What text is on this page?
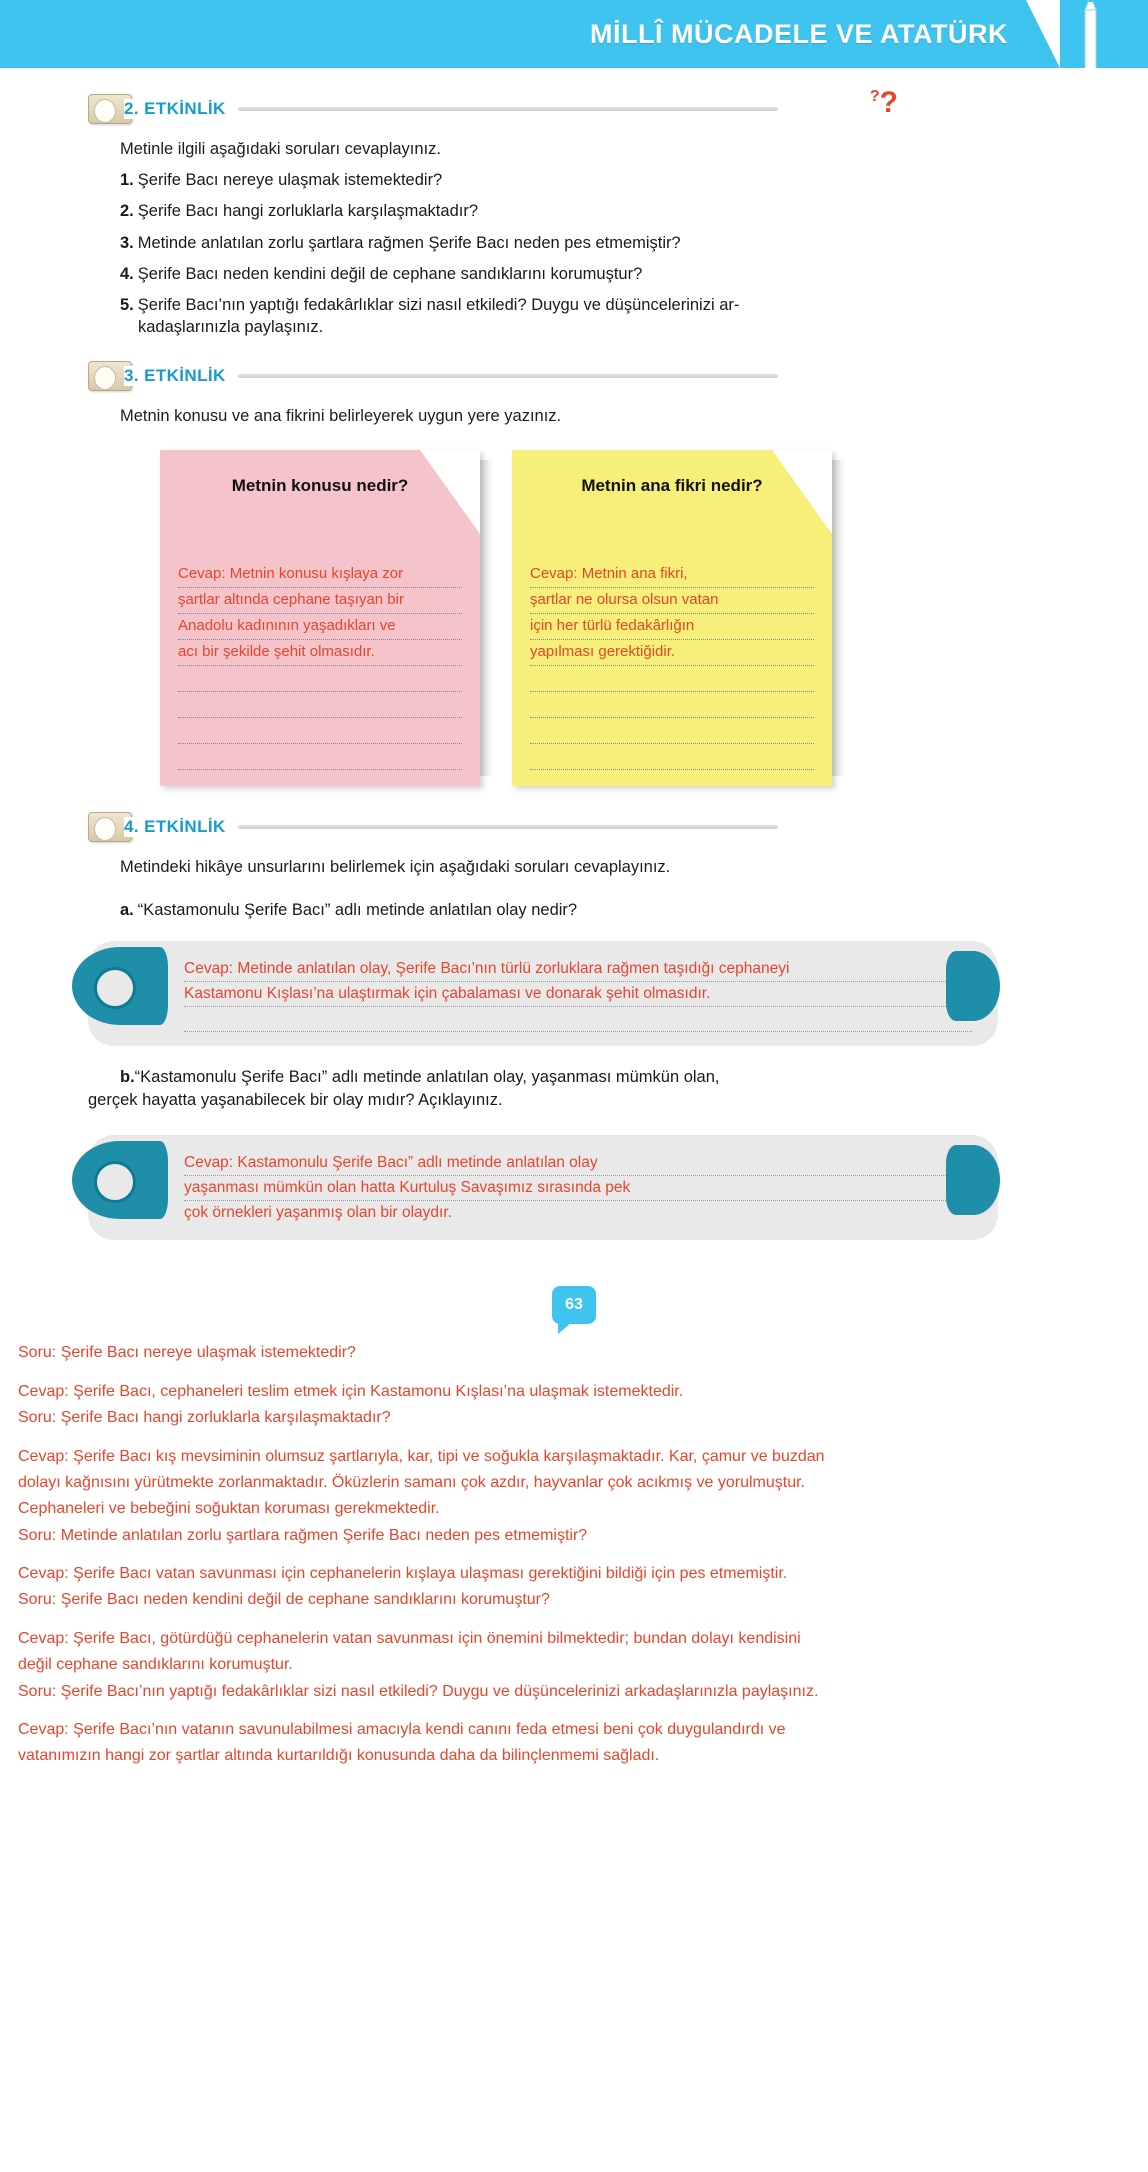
MİLLÎ MÜCADELE VE ATATÜRK
2. ETKİNLİK
??
Metinle ilgili aşağıdaki soruları cevaplayınız.
1. Şerife Bacı nereye ulaşmak istemektedir?
2. Şerife Bacı hangi zorluklarla karşılaşmaktadır?
3. Metinde anlatılan zorlu şartlara rağmen Şerife Bacı neden pes etmemiştir?
4. Şerife Bacı neden kendini değil de cephane sandıklarını korumuştur?
5. Şerife Bacı’nın yaptığı fedakârlıklar sizi nasıl etkiledi? Duygu ve düşüncelerinizi ar-
kadaşlarınızla paylaşınız.
3. ETKİNLİK
Metnin konusu ve ana fikrini belirleyerek uygun yere yazınız.
Metnin konusu nedir?
Cevap: Metnin konusu kışlaya zor
şartlar altında cephane taşıyan bir
Anadolu kadınının yaşadıkları ve
acı bir şekilde şehit olmasıdır.
Metnin ana fikri nedir?
Cevap: Metnin ana fikri,
şartlar ne olursa olsun vatan
için her türlü fedakârlığın
yapılması gerektiğidir.
4. ETKİNLİK
Metindeki hikâye unsurlarını belirlemek için aşağıdaki soruları cevaplayınız.
a. “Kastamonulu Şerife Bacı” adlı metinde anlatılan olay nedir?
Cevap: Metinde anlatılan olay, Şerife Bacı’nın türlü zorluklara rağmen taşıdığı cephaneyi
Kastamonu Kışlası’na ulaştırmak için çabalaması ve donarak şehit olmasıdır.
b.“Kastamonulu Şerife Bacı” adlı metinde anlatılan olay, yaşanması mümkün olan,
gerçek hayatta yaşanabilecek bir olay mıdır? Açıklayınız.
Cevap: Kastamonulu Şerife Bacı” adlı metinde anlatılan olay
yaşanması mümkün olan hatta Kurtuluş Savaşımız sırasında pek
çok örnekleri yaşanmış olan bir olaydır.
63

Soru: Şerife Bacı nereye ulaşmak istemektedir?

Cevap: Şerife Bacı, cephaneleri teslim etmek için Kastamonu Kışlası’na ulaşmak istemektedir.

Soru: Şerife Bacı hangi zorluklarla karşılaşmaktadır?

Cevap: Şerife Bacı kış mevsiminin olumsuz şartlarıyla, kar, tipi ve soğukla karşılaşmaktadır. Kar, çamur ve buzdan

dolayı kağnısını yürütmekte zorlanmaktadır. Öküzlerin samanı çok azdır, hayvanlar çok acıkmış ve yorulmuştur.

Cephaneleri ve bebeğini soğuktan koruması gerekmektedir.

Soru: Metinde anlatılan zorlu şartlara rağmen Şerife Bacı neden pes etmemiştir?

Cevap: Şerife Bacı vatan savunması için cephanelerin kışlaya ulaşması gerektiğini bildiği için pes etmemiştir.

Soru: Şerife Bacı neden kendini değil de cephane sandıklarını korumuştur?

Cevap: Şerife Bacı, götürdüğü cephanelerin vatan savunması için önemini bilmektedir; bundan dolayı kendisini

değil cephane sandıklarını korumuştur.

Soru: Şerife Bacı’nın yaptığı fedakârlıklar sizi nasıl etkiledi? Duygu ve düşüncelerinizi arkadaşlarınızla paylaşınız.

Cevap: Şerife Bacı’nın vatanın savunulabilmesi amacıyla kendi canını feda etmesi beni çok duygulandırdı ve

vatanımızın hangi zor şartlar altında kurtarıldığı konusunda daha da bilinçlenmemi sağladı.
